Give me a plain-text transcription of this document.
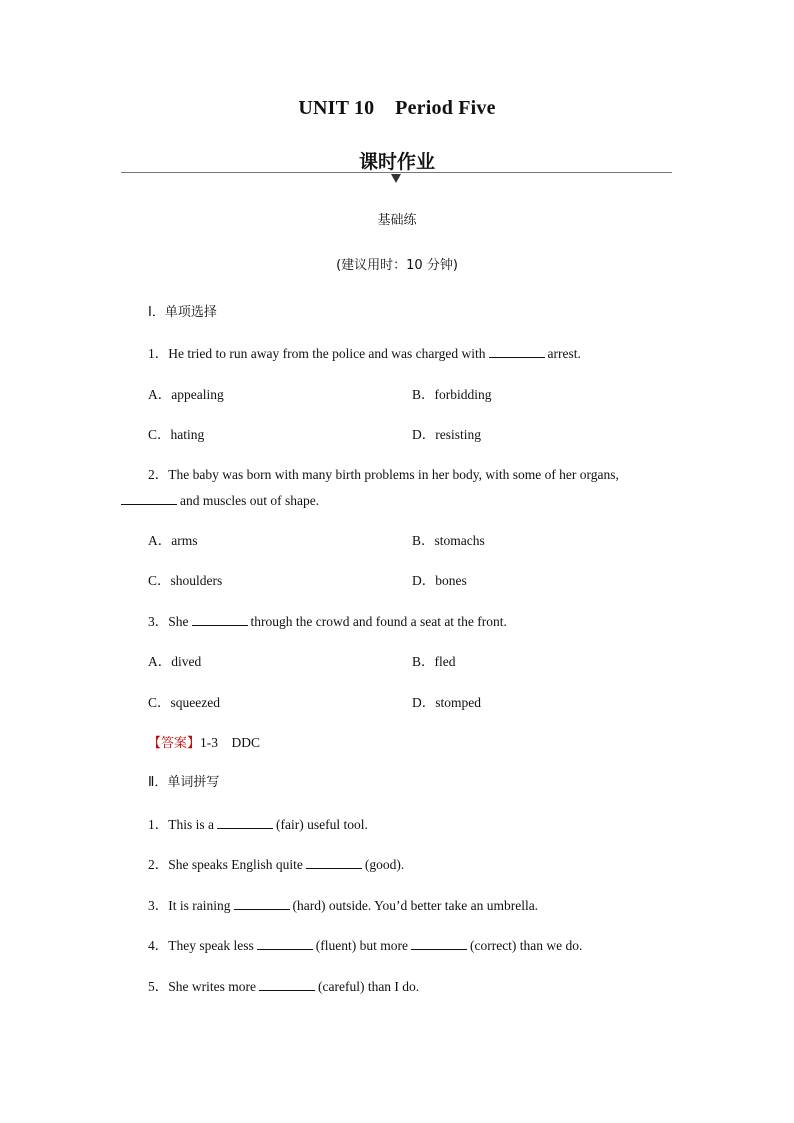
UNIT 10    Period Five
课时作业
基础练
(建议用时：10 分钟)
Ⅰ．单项选择
1．He tried to run away from the police and was charged with	arrest.
A．appealing	B．forbidding
C．hating	D．resisting
2．The baby was born with many birth problems in her body, with some of her organs,
and muscles out of shape.
A．arms	B．stomachs
C．shoulders	D．bones
3．She	through the crowd and found a seat at the front.
A．dived	B．fled
C．squeezed	D．stomped
【答案】1-3　DDC
Ⅱ．单词拼写
1．This is a	(fair) useful tool.
2．She speaks English quite	(good).
3．It is raining	(hard) outside. You’d better take an umbrella.
4．They speak less	(fluent) but more	(correct) than we do.
5．She writes more	(careful) than I do.
